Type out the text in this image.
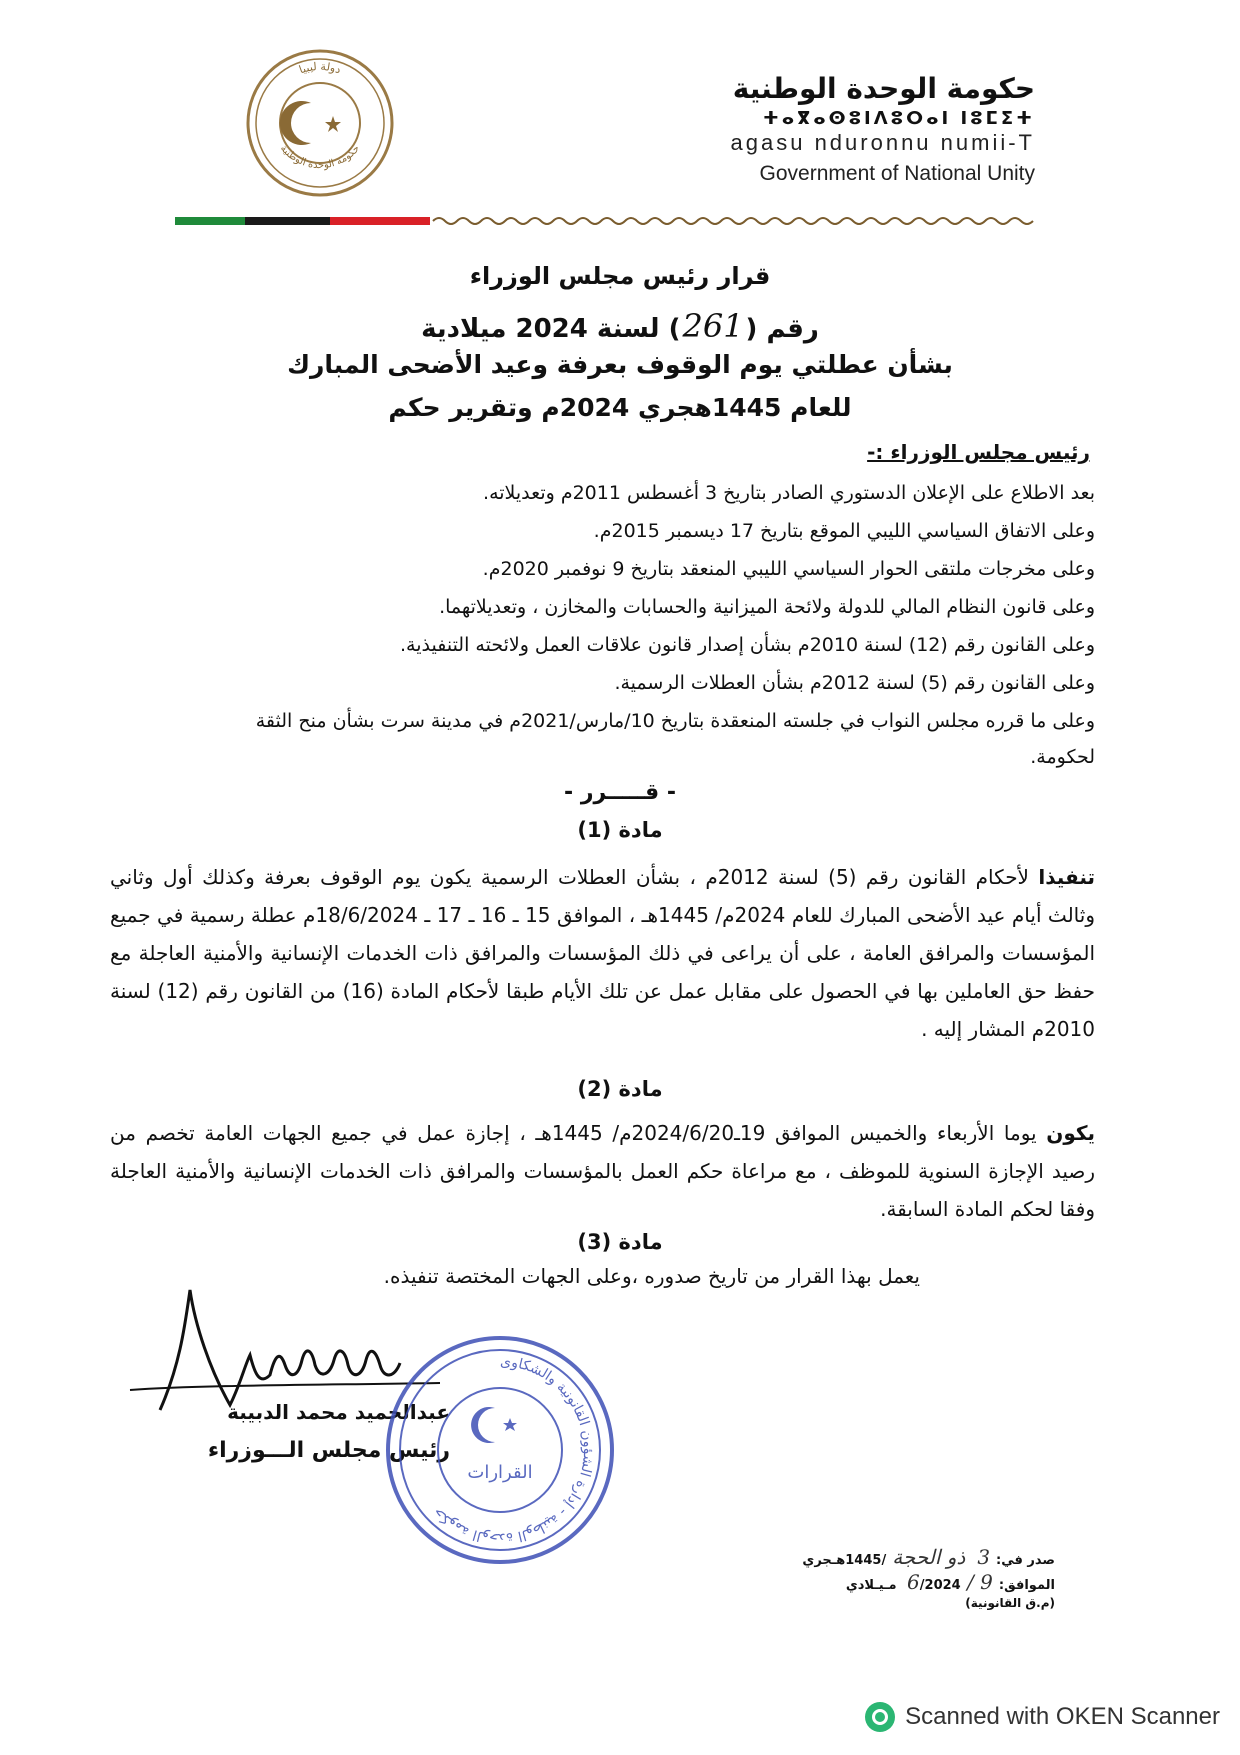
دولة ليبيا
حكومة الوحدة الوطنية
حكومة الوحدة الوطنية
ⵜⴰⴳⴰⵙⵓⵏⴷⵓⵔⴰⵏ ⵏⵓⵎⵉⵜ
agasu nduronnu numii-T
Government of National Unity
قرار رئيس مجلس الوزراء
رقم (261) لسنة 2024 ميلادية
بشأن عطلتي يوم الوقوف بعرفة وعيد الأضحى المبارك
للعام 1445هجري 2024م وتقرير حكم
رئيس مجلس الوزراء :-
بعد الاطلاع على الإعلان الدستوري الصادر بتاريخ 3 أغسطس 2011م وتعديلاته.
وعلى الاتفاق السياسي الليبي الموقع بتاريخ 17 ديسمبر 2015م.
وعلى مخرجات ملتقى الحوار السياسي الليبي المنعقد بتاريخ 9 نوفمبر 2020م.
وعلى قانون النظام المالي للدولة ولائحة الميزانية والحسابات والمخازن ، وتعديلاتهما.
وعلى القانون رقم (12) لسنة 2010م بشأن إصدار قانون علاقات العمل ولائحته التنفيذية.
وعلى القانون رقم (5) لسنة 2012م بشأن العطلات الرسمية.
وعلى ما قرره مجلس النواب في جلسته المنعقدة بتاريخ 10/مارس/2021م في مدينة سرت بشأن منح الثقة
لحكومة.
- قـــــرر -
مادة (1)
تنفيذا لأحكام القانون رقم (5) لسنة 2012م ، بشأن العطلات الرسمية يكون يوم الوقوف بعرفة وكذلك أول وثاني وثالث أيام عيد الأضحى المبارك للعام 2024م/ 1445هـ ، الموافق 15 ـ 16 ـ 17 ـ 18/6/2024م عطلة رسمية في جميع المؤسسات والمرافق العامة ، على أن يراعى في ذلك المؤسسات والمرافق ذات الخدمات الإنسانية والأمنية العاجلة مع حفظ حق العاملين بها في الحصول على مقابل عمل عن تلك الأيام طبقا لأحكام المادة (16) من القانون رقم (12) لسنة 2010م المشار إليه .
مادة (2)
يكون يوما الأربعاء والخميس الموافق 19ـ2024/6/20م/ 1445هـ ، إجازة عمل في جميع الجهات العامة تخصم من رصيد الإجازة السنوية للموظف ، مع مراعاة حكم العمل بالمؤسسات والمرافق ذات الخدمات الإنسانية والأمنية العاجلة وفقا لحكم المادة السابقة.
مادة (3)
يعمل بهذا القرار من تاريخ صدوره ،وعلى الجهات المختصة تنفيذه.
عبدالحميد محمد الدبيبة
رئيس مجلس الـــوزراء
حكومة الوحدة الوطنية - إدارة الشؤون القانونية والشكاوى
القرارات
صدر في:3ذو الحجة/1445هـجري
الموافق:9 / 6/2024 مـيـلادي
(م.ق القانونية)
Scanned with OKEN Scanner
